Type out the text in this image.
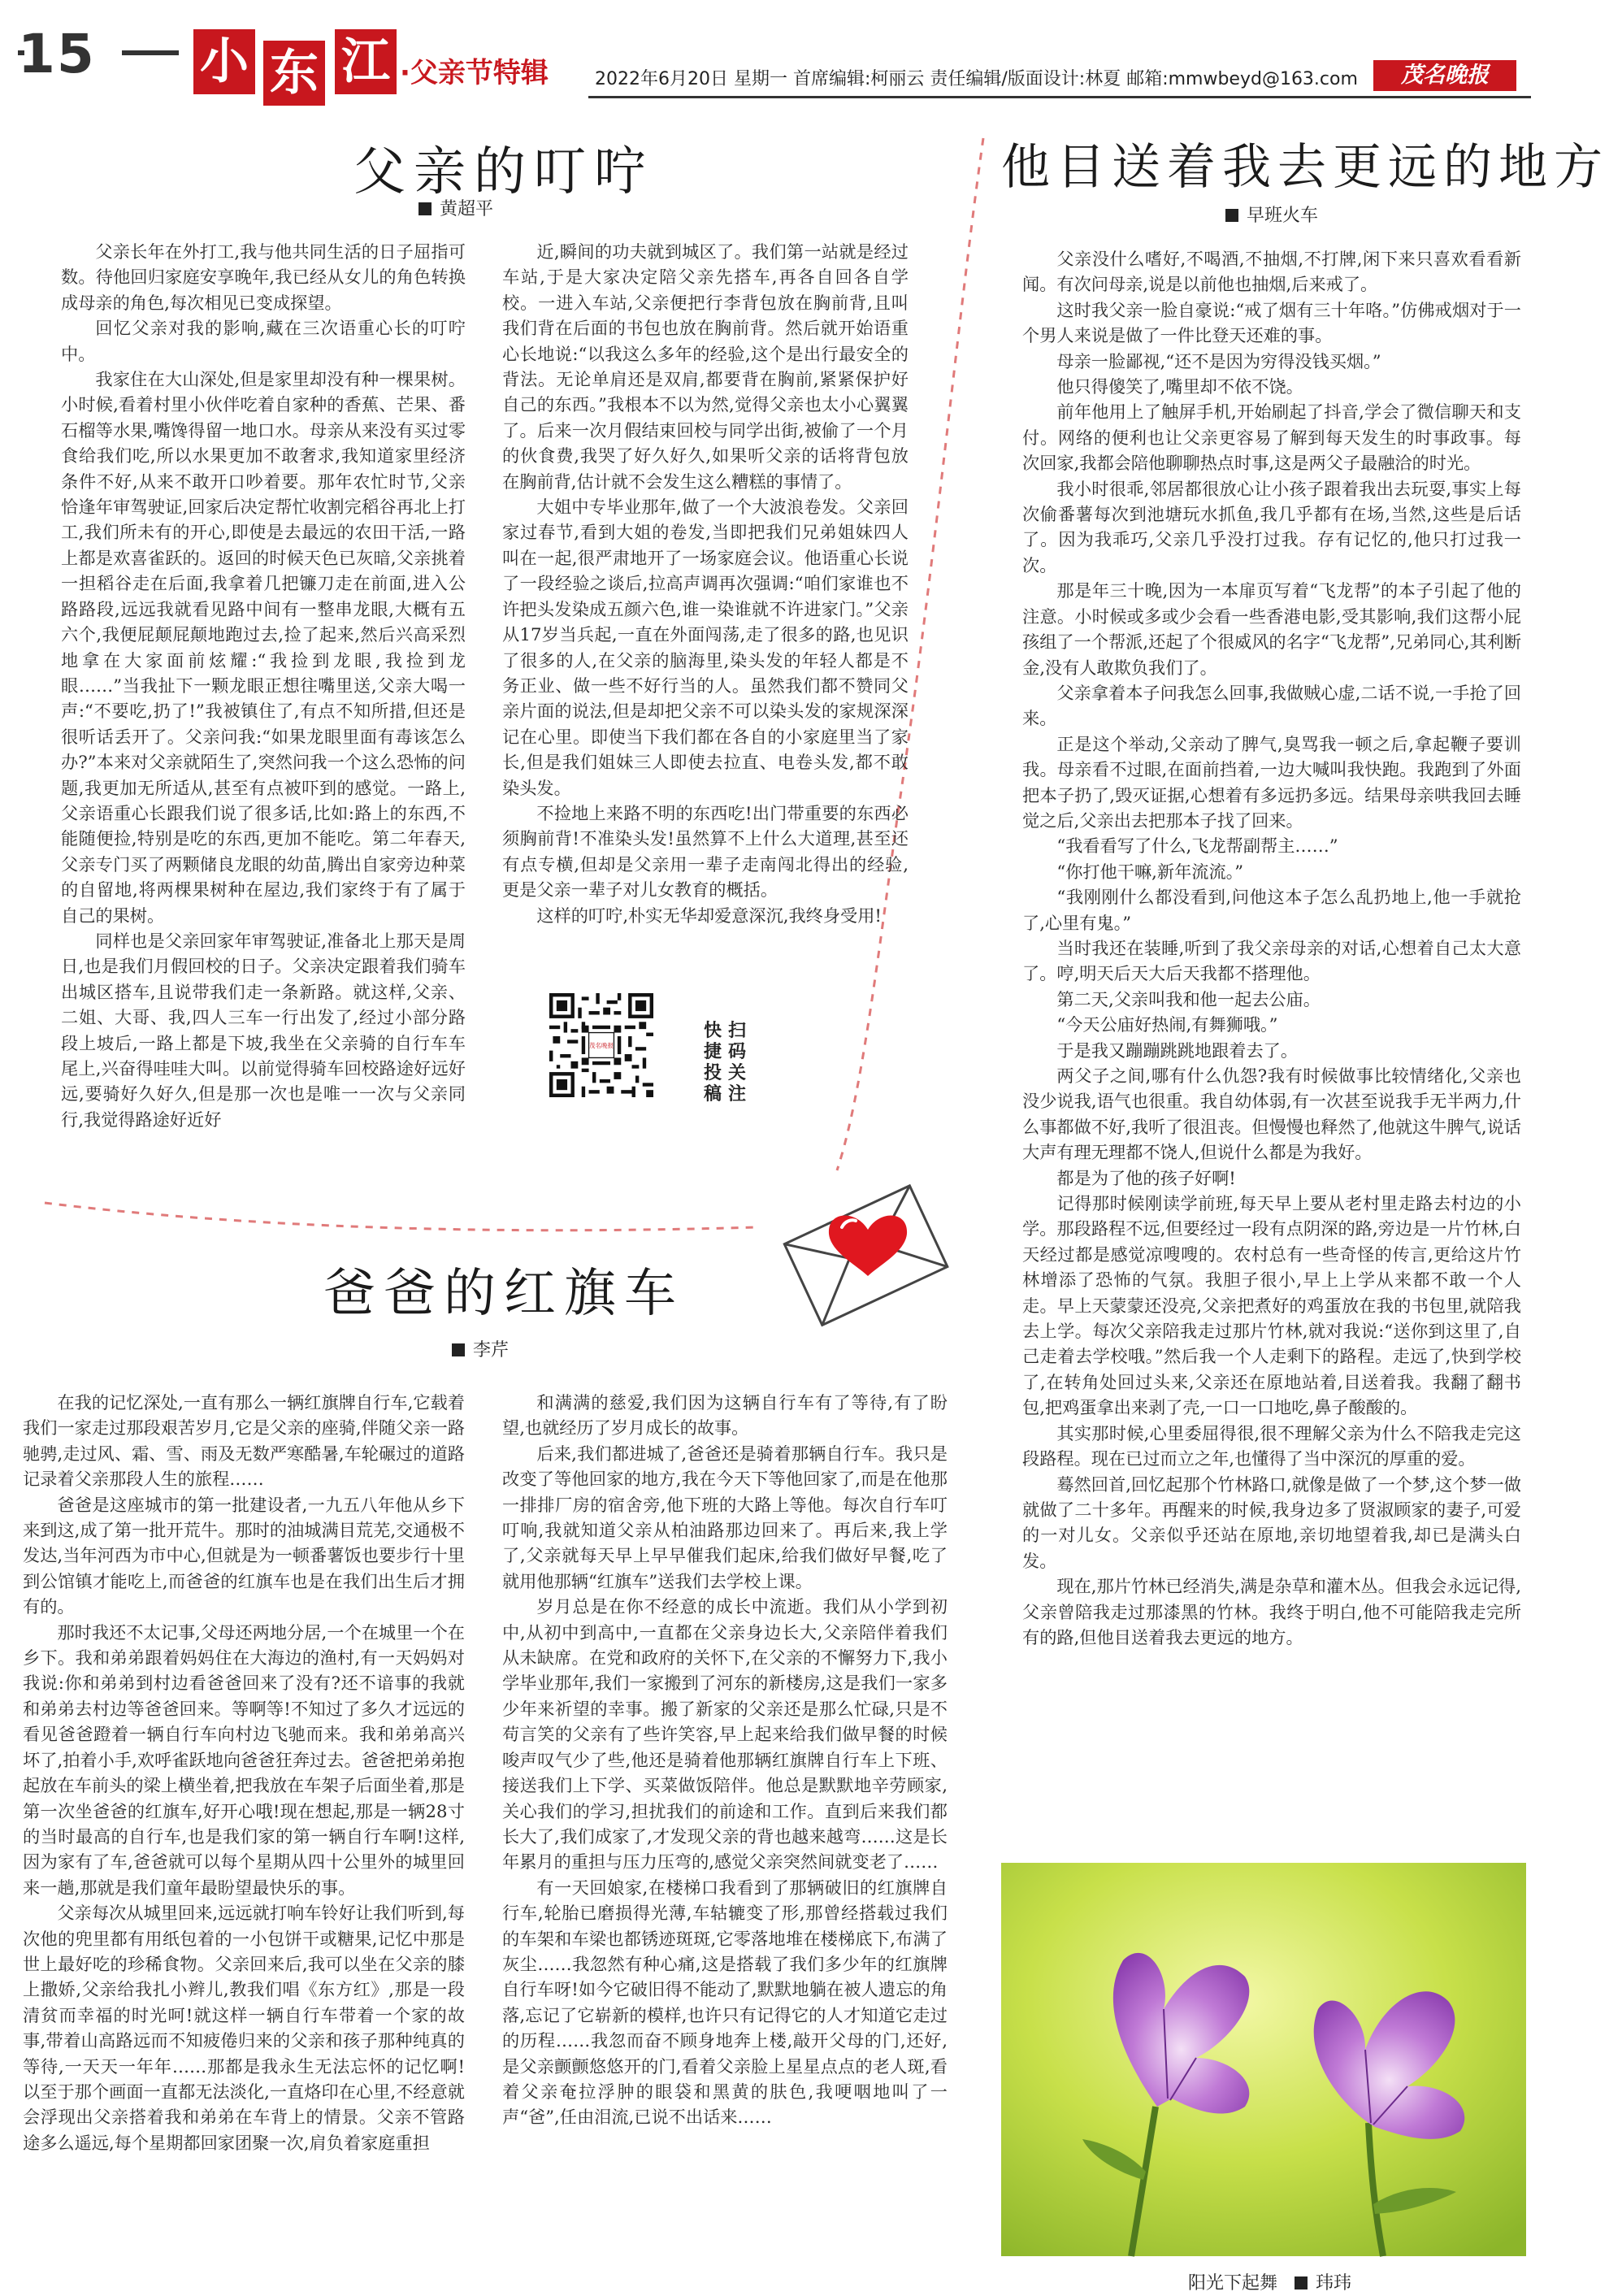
15 小 东 江 ·父亲节特辑	2022年6月20日 星期一 首席编辑:柯丽云 责任编辑/版面设计:林夏 邮箱:mmwbeyd@163.com	茂名晚报
父亲的叮咛
黄超平

父亲长年在外打工,我与他共同生活的日子屈指可数。待他回归家庭安享晚年,我已经从女儿的角色转换成母亲的角色,每次相见已变成探望。

回忆父亲对我的影响,藏在三次语重心长的叮咛中。

我家住在大山深处,但是家里却没有种一棵果树。小时候,看着村里小伙伴吃着自家种的香蕉、芒果、番石榴等水果,嘴馋得留一地口水。母亲从来没有买过零食给我们吃,所以水果更加不敢奢求,我知道家里经济条件不好,从来不敢开口吵着要。那年农忙时节,父亲恰逢年审驾驶证,回家后决定帮忙收割完稻谷再北上打工,我们所未有的开心,即使是去最远的农田干活,一路上都是欢喜雀跃的。返回的时候天色已灰暗,父亲挑着一担稻谷走在后面,我拿着几把镰刀走在前面,进入公路路段,远远我就看见路中间有一整串龙眼,大概有五六个,我便屁颠屁颠地跑过去,捡了起来,然后兴高采烈地拿在大家面前炫耀:“我捡到龙眼,我捡到龙眼……”当我扯下一颗龙眼正想往嘴里送,父亲大喝一声:“不要吃,扔了!”我被镇住了,有点不知所措,但还是很听话丢开了。父亲问我:“如果龙眼里面有毒该怎么办?”本来对父亲就陌生了,突然问我一个这么恐怖的问题,我更加无所适从,甚至有点被吓到的感觉。一路上,父亲语重心长跟我们说了很多话,比如:路上的东西,不能随便捡,特别是吃的东西,更加不能吃。第二年春天,父亲专门买了两颗储良龙眼的幼苗,腾出自家旁边种菜的自留地,将两棵果树种在屋边,我们家终于有了属于自己的果树。

同样也是父亲回家年审驾驶证,准备北上那天是周日,也是我们月假回校的日子。父亲决定跟着我们骑车出城区搭车,且说带我们走一条新路。就这样,父亲、二姐、大哥、我,四人三车一行出发了,经过小部分路段上坡后,一路上都是下坡,我坐在父亲骑的自行车车尾上,兴奋得哇哇大叫。以前觉得骑车回校路途好远好远,要骑好久好久,但是那一次也是唯一一次与父亲同行,我觉得路途好近好

近,瞬间的功夫就到城区了。我们第一站就是经过车站,于是大家决定陪父亲先搭车,再各自回各自学校。一进入车站,父亲便把行李背包放在胸前背,且叫我们背在后面的书包也放在胸前背。然后就开始语重心长地说:“以我这么多年的经验,这个是出行最安全的背法。无论单肩还是双肩,都要背在胸前,紧紧保护好自己的东西。”我根本不以为然,觉得父亲也太小心翼翼了。后来一次月假结束回校与同学出街,被偷了一个月的伙食费,我哭了好久好久,如果听父亲的话将背包放在胸前背,估计就不会发生这么糟糕的事情了。

大姐中专毕业那年,做了一个大波浪卷发。父亲回家过春节,看到大姐的卷发,当即把我们兄弟姐妹四人叫在一起,很严肃地开了一场家庭会议。他语重心长说了一段经验之谈后,拉高声调再次强调:“咱们家谁也不许把头发染成五颜六色,谁一染谁就不许进家门。”父亲从17岁当兵起,一直在外面闯荡,走了很多的路,也见识了很多的人,在父亲的脑海里,染头发的年轻人都是不务正业、做一些不好行当的人。虽然我们都不赞同父亲片面的说法,但是却把父亲不可以染头发的家规深深记在心里。即使当下我们都在各自的小家庭里当了家长,但是我们姐妹三人即使去拉直、电卷头发,都不敢染头发。

不捡地上来路不明的东西吃!出门带重要的东西必须胸前背!不准染头发!虽然算不上什么大道理,甚至还有点专横,但却是父亲用一辈子走南闯北得出的经验,更是父亲一辈子对儿女教育的概括。

这样的叮咛,朴实无华却爱意深沉,我终身受用!

茂名晚报
快捷投稿扫码关注
他目送着我去更远的地方
早班火车

父亲没什么嗜好,不喝酒,不抽烟,不打牌,闲下来只喜欢看看新闻。有次问母亲,说是以前他也抽烟,后来戒了。

这时我父亲一脸自豪说:“戒了烟有三十年咯。”仿佛戒烟对于一个男人来说是做了一件比登天还难的事。

母亲一脸鄙视,“还不是因为穷得没钱买烟。”

他只得傻笑了,嘴里却不依不饶。

前年他用上了触屏手机,开始刷起了抖音,学会了微信聊天和支付。网络的便利也让父亲更容易了解到每天发生的时事政事。每次回家,我都会陪他聊聊热点时事,这是两父子最融洽的时光。

我小时很乖,邻居都很放心让小孩子跟着我出去玩耍,事实上每次偷番薯每次到池塘玩水抓鱼,我几乎都有在场,当然,这些是后话了。因为我乖巧,父亲几乎没打过我。存有记忆的,他只打过我一次。

那是年三十晚,因为一本扉页写着“飞龙帮”的本子引起了他的注意。小时候或多或少会看一些香港电影,受其影响,我们这帮小屁孩组了一个帮派,还起了个很威风的名字“飞龙帮”,兄弟同心,其利断金,没有人敢欺负我们了。

父亲拿着本子问我怎么回事,我做贼心虚,二话不说,一手抢了回来。

正是这个举动,父亲动了脾气,臭骂我一顿之后,拿起鞭子要训我。母亲看不过眼,在面前挡着,一边大喊叫我快跑。我跑到了外面把本子扔了,毁灭证据,心想着有多远扔多远。结果母亲哄我回去睡觉之后,父亲出去把那本子找了回来。

“我看看写了什么,飞龙帮副帮主……”

“你打他干嘛,新年流流。”

“我刚刚什么都没看到,问他这本子怎么乱扔地上,他一手就抢了,心里有鬼。”

当时我还在装睡,听到了我父亲母亲的对话,心想着自己太大意了。哼,明天后天大后天我都不搭理他。

第二天,父亲叫我和他一起去公庙。

“今天公庙好热闹,有舞狮哦。”

于是我又蹦蹦跳跳地跟着去了。

两父子之间,哪有什么仇怨?我有时候做事比较情绪化,父亲也没少说我,语气也很重。我自幼体弱,有一次甚至说我手无半两力,什么事都做不好,我听了很沮丧。但慢慢也释然了,他就这牛脾气,说话大声有理无理都不饶人,但说什么都是为我好。

都是为了他的孩子好啊!

记得那时候刚读学前班,每天早上要从老村里走路去村边的小学。那段路程不远,但要经过一段有点阴深的路,旁边是一片竹林,白天经过都是感觉凉嗖嗖的。农村总有一些奇怪的传言,更给这片竹林增添了恐怖的气氛。我胆子很小,早上上学从来都不敢一个人走。早上天蒙蒙还没亮,父亲把煮好的鸡蛋放在我的书包里,就陪我去上学。每次父亲陪我走过那片竹林,就对我说:“送你到这里了,自己走着去学校哦。”然后我一个人走剩下的路程。走远了,快到学校了,在转角处回过头来,父亲还在原地站着,目送着我。我翻了翻书包,把鸡蛋拿出来剥了壳,一口一口地吃,鼻子酸酸的。

其实那时候,心里委屈得很,很不理解父亲为什么不陪我走完这段路程。现在已过而立之年,也懂得了当中深沉的厚重的爱。

蓦然回首,回忆起那个竹林路口,就像是做了一个梦,这个梦一做就做了二十多年。再醒来的时候,我身边多了贤淑顾家的妻子,可爱的一对儿女。父亲似乎还站在原地,亲切地望着我,却已是满头白发。

现在,那片竹林已经消失,满是杂草和灌木丛。但我会永远记得,父亲曾陪我走过那漆黑的竹林。我终于明白,他不可能陪我走完所有的路,但他目送着我去更远的地方。

爸爸的红旗车
李芹

在我的记忆深处,一直有那么一辆红旗牌自行车,它载着我们一家走过那段艰苦岁月,它是父亲的座骑,伴随父亲一路驰骋,走过风、霜、雪、雨及无数严寒酷暑,车轮碾过的道路记录着父亲那段人生的旅程……

爸爸是这座城市的第一批建设者,一九五八年他从乡下来到这,成了第一批开荒牛。那时的油城满目荒芜,交通极不发达,当年河西为市中心,但就是为一顿番薯饭也要步行十里到公馆镇才能吃上,而爸爸的红旗车也是在我们出生后才拥有的。

那时我还不太记事,父母还两地分居,一个在城里一个在乡下。我和弟弟跟着妈妈住在大海边的渔村,有一天妈妈对我说:你和弟弟到村边看爸爸回来了没有?还不谙事的我就和弟弟去村边等爸爸回来。等啊等!不知过了多久才远远的看见爸爸蹬着一辆自行车向村边飞驰而来。我和弟弟高兴坏了,拍着小手,欢呼雀跃地向爸爸狂奔过去。爸爸把弟弟抱起放在车前头的梁上横坐着,把我放在车架子后面坐着,那是第一次坐爸爸的红旗车,好开心哦!现在想起,那是一辆28寸的当时最高的自行车,也是我们家的第一辆自行车啊!这样,因为家有了车,爸爸就可以每个星期从四十公里外的城里回来一趟,那就是我们童年最盼望最快乐的事。

父亲每次从城里回来,远远就打响车铃好让我们听到,每次他的兜里都有用纸包着的一小包饼干或糖果,记忆中那是世上最好吃的珍稀食物。父亲回来后,我可以坐在父亲的膝上撒娇,父亲给我扎小辫儿,教我们唱《东方红》,那是一段清贫而幸福的时光呵!就这样一辆自行车带着一个家的故事,带着山高路远而不知疲倦归来的父亲和孩子那种纯真的等待,一天天一年年……那都是我永生无法忘怀的记忆啊!以至于那个画面一直都无法淡化,一直烙印在心里,不经意就会浮现出父亲搭着我和弟弟在车背上的情景。父亲不管路途多么遥远,每个星期都回家团聚一次,肩负着家庭重担

和满满的慈爱,我们因为这辆自行车有了等待,有了盼望,也就经历了岁月成长的故事。

后来,我们都进城了,爸爸还是骑着那辆自行车。我只是改变了等他回家的地方,我在今天下等他回家了,而是在他那一排排厂房的宿舍旁,他下班的大路上等他。每次自行车叮叮响,我就知道父亲从柏油路那边回来了。再后来,我上学了,父亲就每天早上早早催我们起床,给我们做好早餐,吃了就用他那辆“红旗车”送我们去学校上课。

岁月总是在你不经意的成长中流逝。我们从小学到初中,从初中到高中,一直都在父亲身边长大,父亲陪伴着我们从未缺席。在党和政府的关怀下,在父亲的不懈努力下,我小学毕业那年,我们一家搬到了河东的新楼房,这是我们一家多少年来祈望的幸事。搬了新家的父亲还是那么忙碌,只是不苟言笑的父亲有了些许笑容,早上起来给我们做早餐的时候唆声叹气少了些,他还是骑着他那辆红旗牌自行车上下班、接送我们上下学、买菜做饭陪伴。他总是默默地辛劳顾家,关心我们的学习,担扰我们的前途和工作。直到后来我们都长大了,我们成家了,才发现父亲的背也越来越弯……这是长年累月的重担与压力压弯的,感觉父亲突然间就变老了……

有一天回娘家,在楼梯口我看到了那辆破旧的红旗牌自行车,轮胎已磨损得光薄,车轱辘变了形,那曾经搭载过我们的车架和车梁也都锈迹斑斑,它零落地堆在楼梯底下,布满了灰尘……我忽然有种心痛,这是搭载了我们多少年的红旗牌自行车呀!如今它破旧得不能动了,默默地躺在被人遗忘的角落,忘记了它崭新的模样,也许只有记得它的人才知道它走过的历程……我忽而奋不顾身地奔上楼,敲开父母的门,还好,是父亲颤颤悠悠开的门,看着父亲脸上星星点点的老人斑,看着父亲奄拉浮肿的眼袋和黑黄的肤色,我哽咽地叫了一声“爸”,任由泪流,已说不出话来……

阳光下起舞 玮玮
